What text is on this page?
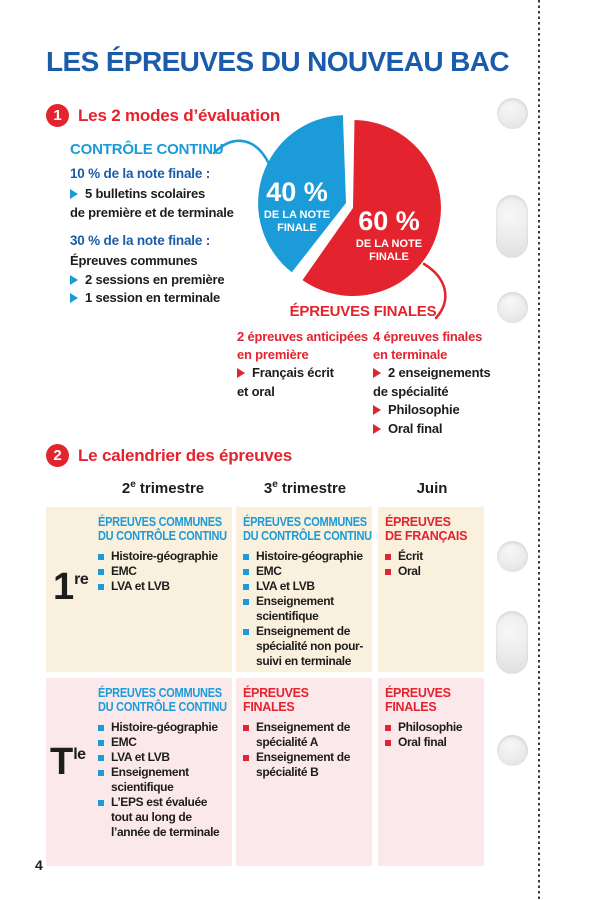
LES ÉPREUVES DU NOUVEAU BAC
1 Les 2 modes d’évaluation
CONTRÔLE CONTINU
10 % de la note finale :
5 bulletins scolaires
de première et de terminale
30 % de la note finale :
Épreuves communes
2 sessions en première
1 session en terminale
40 %
DE LA NOTE
FINALE 60 %
DE LA NOTE
FINALE
ÉPREUVES FINALES
2 épreuves anticipées
en première
Français écrit
et oral
4 épreuves finales
en terminale
2 enseignements
de spécialité
Philosophie
Oral final
2 Le calendrier des épreuves
2e trimestre	3e trimestre	Juin
1re
ÉPREUVES COMMUNES
DU CONTRÔLE CONTINU
Histoire-géographie
EMC
LVA et LVB
ÉPREUVES COMMUNES
DU CONTRÔLE CONTINU
Histoire-géographie
EMC
LVA et LVB
Enseignement scientifique
Enseignement de spécialité non poursuivi en terminale
ÉPREUVES
DE FRANÇAIS
Écrit
Oral
$T^{le}$
ÉPREUVES COMMUNES
DU CONTRÔLE CONTINU
Histoire-géographie
EMC
LVA et LVB
Enseignement scientifique
L’EPS est évaluée tout au long de l’année de terminale
ÉPREUVES
FINALES
Enseignement de spécialité A
Enseignement de spécialité B
ÉPREUVES
FINALES
Philosophie
Oral final
4
